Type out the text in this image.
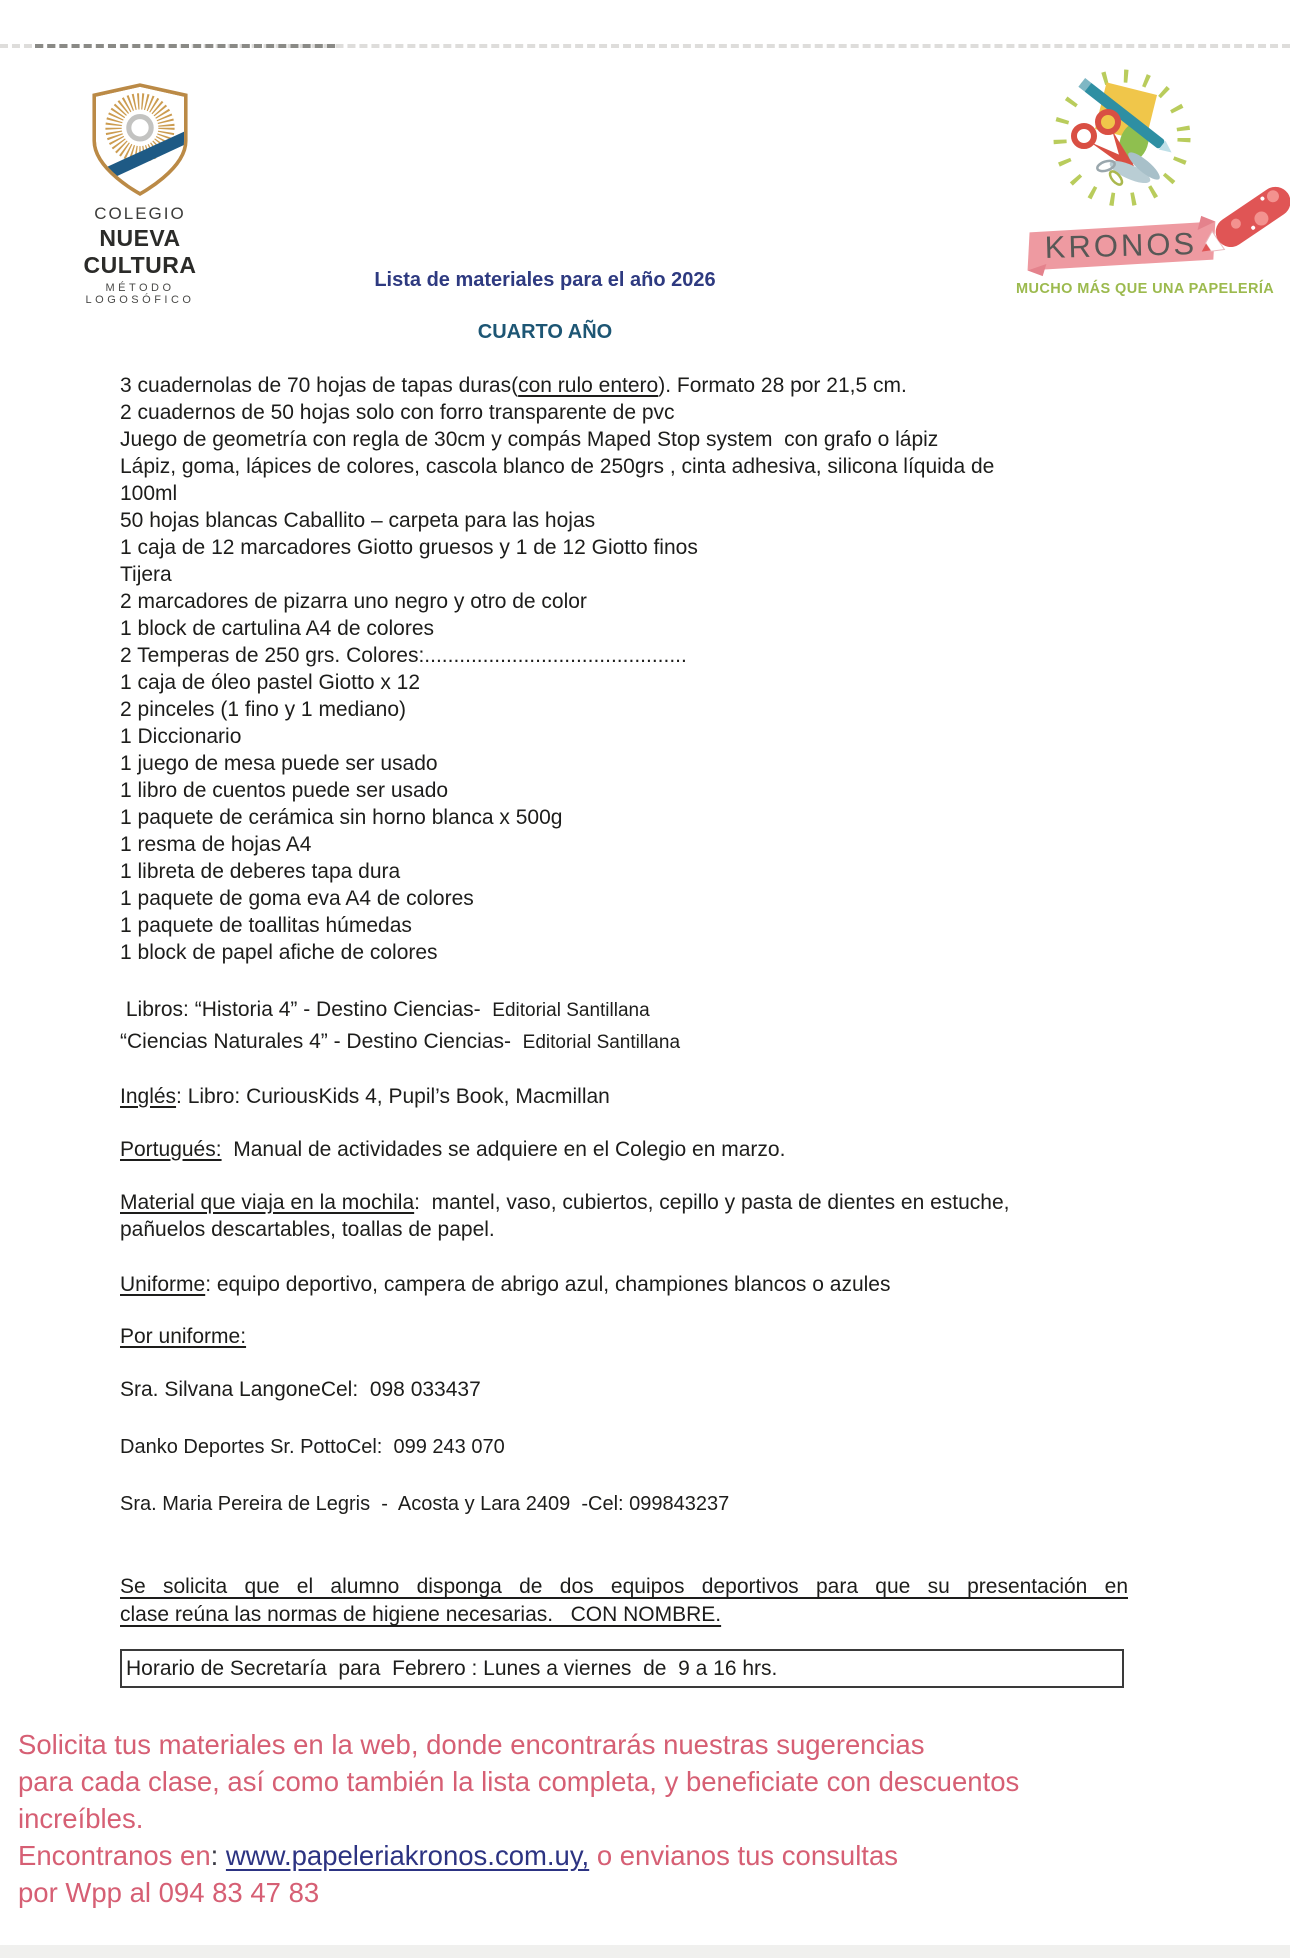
COLEGIO
NUEVA CULTURA
MÉTODO LOGOSÓFICO
KRONOS
MUCHO MÁS QUE UNA PAPELERÍA
Lista de materiales para el año 2026
CUARTO AÑO
3 cuadernolas de 70 hojas de tapas duras(con rulo entero). Formato 28 por 21,5 cm.
2 cuadernos de 50 hojas solo con forro transparente de pvc
Juego de geometría con regla de 30cm y compás Maped Stop system  con grafo o lápiz
Lápiz, goma, lápices de colores, cascola blanco de 250grs , cinta adhesiva, silicona líquida de
100ml
50 hojas blancas Caballito – carpeta para las hojas
1 caja de 12 marcadores Giotto gruesos y 1 de 12 Giotto finos
Tijera
2 marcadores de pizarra uno negro y otro de color
1 block de cartulina A4 de colores
2 Temperas de 250 grs. Colores:.............................................
1 caja de óleo pastel Giotto x 12
2 pinceles (1 fino y 1 mediano)
1 Diccionario
1 juego de mesa puede ser usado
1 libro de cuentos puede ser usado
1 paquete de cerámica sin horno blanca x 500g
1 resma de hojas A4
1 libreta de deberes tapa dura
1 paquete de goma eva A4 de colores
1 paquete de toallitas húmedas
1 block de papel afiche de colores
Libros: “Historia 4” - Destino Ciencias-  Editorial Santillana
“Ciencias Naturales 4” - Destino Ciencias-  Editorial Santillana
Inglés: Libro: CuriousKids 4, Pupil’s Book, Macmillan
Portugués:  Manual de actividades se adquiere en el Colegio en marzo.
Material que viaja en la mochila:  mantel, vaso, cubiertos, cepillo y pasta de dientes en estuche,
pañuelos descartables, toallas de papel.
Uniforme: equipo deportivo, campera de abrigo azul, championes blancos o azules
Por uniforme:
Sra. Silvana LangoneCel:  098 033437
Danko Deportes Sr. PottoCel:  099 243 070
Sra. Maria Pereira de Legris  -  Acosta y Lara 2409  -Cel: 099843237
Se solicita que el alumno disponga de dos equipos deportivos para que su presentación en
clase reúna las normas de higiene necesarias.   CON NOMBRE.
Horario de Secretaría  para  Febrero : Lunes a viernes  de  9 a 16 hrs.
Solicita tus materiales en la web, donde encontrarás nuestras sugerencias
para cada clase, así como también la lista completa, y beneficiate con descuentos
increíbles.
Encontranos en: www.papeleriakronos.com.uy, o envianos tus consultas
por Wpp al 094 83 47 83
